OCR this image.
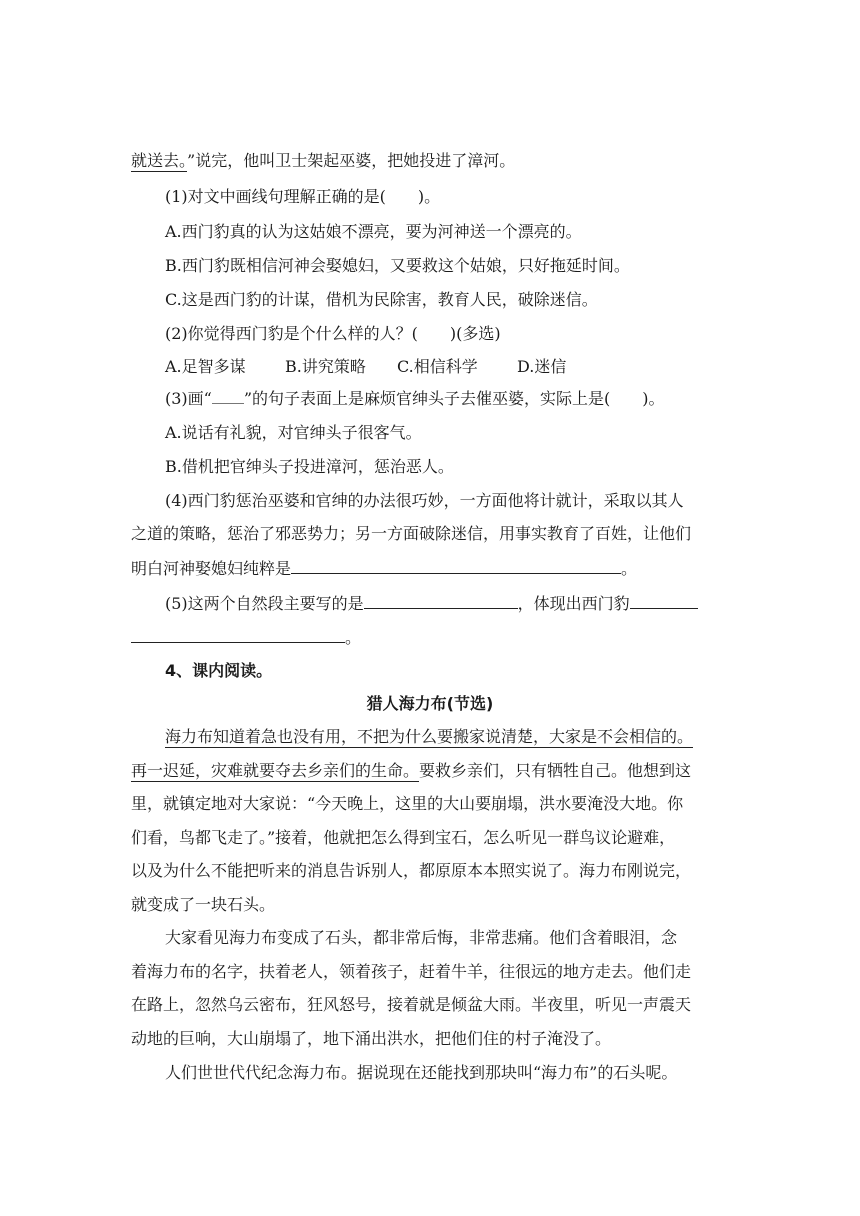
就送去。”说完，他叫卫士架起巫婆，把她投进了漳河。
(1)对文中画线句理解正确的是(　　)。
A.西门豹真的认为这姑娘不漂亮，要为河神送一个漂亮的。
B.西门豹既相信河神会娶媳妇，又要救这个姑娘，只好拖延时间。
C.这是西门豹的计谋，借机为民除害，教育人民，破除迷信。
(2)你觉得西门豹是个什么样的人？(　　)(多选)
A.足智多谋 B.讲究策略 C.相信科学 D.迷信
(3)画“ ”的句子表面上是麻烦官绅头子去催巫婆，实际上是(　　)。
A.说话有礼貌，对官绅头子很客气。
B.借机把官绅头子投进漳河，惩治恶人。
(4)西门豹惩治巫婆和官绅的办法很巧妙，一方面他将计就计，采取以其人
之道的策略，惩治了邪恶势力；另一方面破除迷信，用事实教育了百姓，让他们
明白河神娶媳妇纯粹是	。
(5)这两个自然段主要写的是	，体现出西门豹
。
4、课内阅读。
猎人海力布(节选)
海力布知道着急也没有用，不把为什么要搬家说清楚，大家是不会相信的。
再一迟延，灾难就要夺去乡亲们的生命。要救乡亲们，只有牺牲自己。他想到这
里，就镇定地对大家说：“今天晚上，这里的大山要崩塌，洪水要淹没大地。你
们看，鸟都飞走了。”接着，他就把怎么得到宝石，怎么听见一群鸟议论避难，
以及为什么不能把听来的消息告诉别人，都原原本本照实说了。海力布刚说完，
就变成了一块石头。
大家看见海力布变成了石头，都非常后悔，非常悲痛。他们含着眼泪，念
着海力布的名字，扶着老人，领着孩子，赶着牛羊，往很远的地方走去。他们走
在路上，忽然乌云密布，狂风怒号，接着就是倾盆大雨。半夜里，听见一声震天
动地的巨响，大山崩塌了，地下涌出洪水，把他们住的村子淹没了。
人们世世代代纪念海力布。据说现在还能找到那块叫“海力布”的石头呢。
